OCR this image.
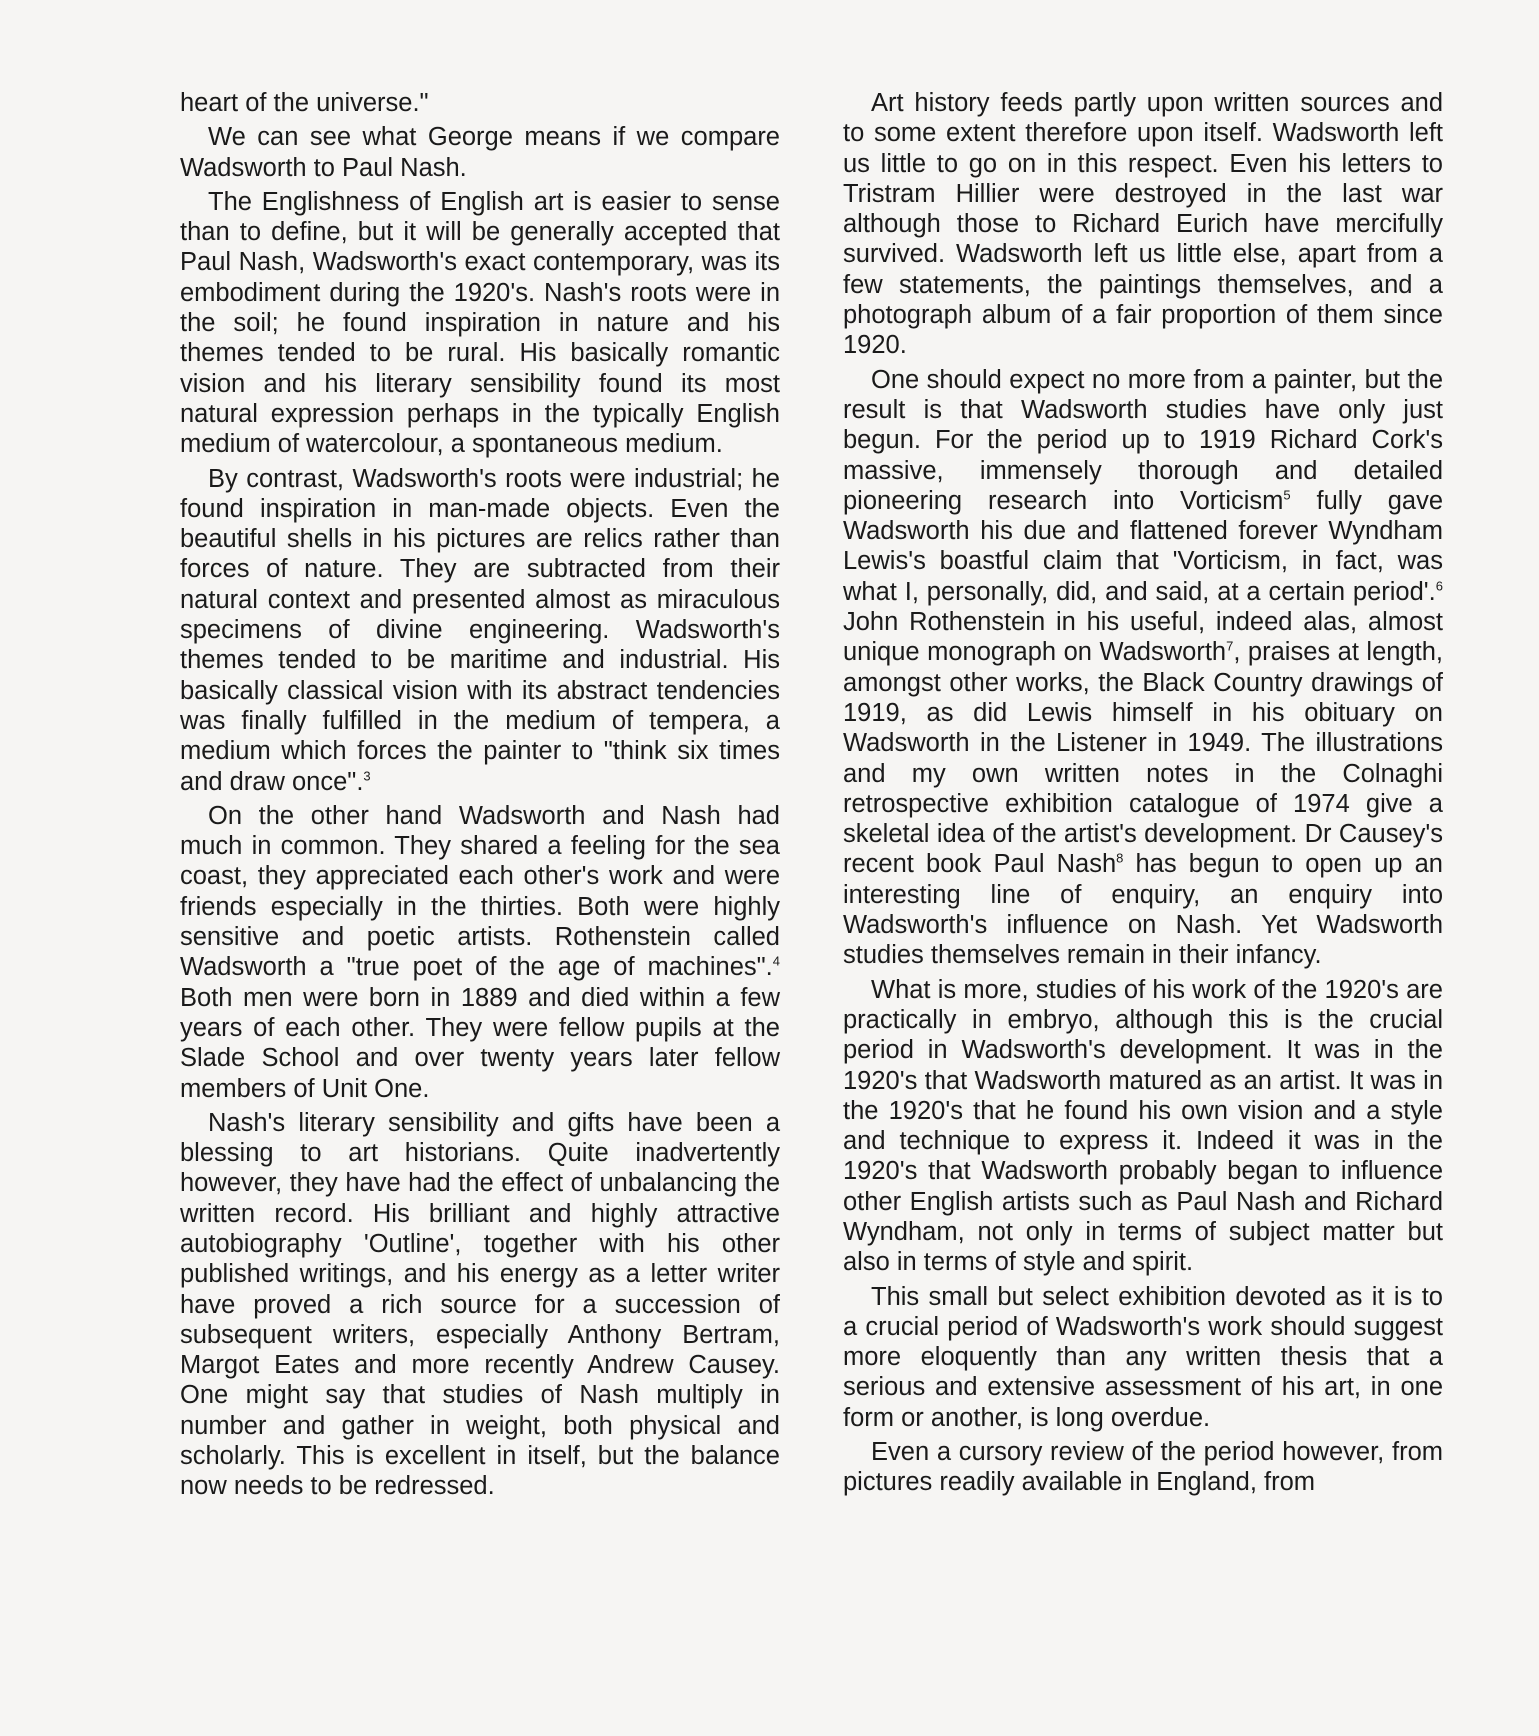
heart of the universe."

We can see what George means if we compare Wadsworth to Paul Nash.

The Englishness of English art is easier to sense than to define, but it will be generally accepted that Paul Nash, Wadsworth's exact contemporary, was its embodiment during the 1920's. Nash's roots were in the soil; he found inspiration in nature and his themes tended to be rural. His basically romantic vision and his literary sensibility found its most natural expression perhaps in the typically English medium of watercolour, a spontaneous medium.

By contrast, Wadsworth's roots were industrial; he found inspiration in man-made objects. Even the beautiful shells in his pictures are relics rather than forces of nature. They are subtracted from their natural context and presented almost as miraculous specimens of divine engineering. Wadsworth's themes tended to be maritime and industrial. His basically classical vision with its abstract tendencies was finally fulfilled in the medium of tempera, a medium which forces the painter to "think six times and draw once".$^3$

On the other hand Wadsworth and Nash had much in common. They shared a feeling for the sea coast, they appreciated each other's work and were friends especially in the thirties. Both were highly sensitive and poetic artists. Rothenstein called Wadsworth a "true poet of the age of machines".$^4$ Both men were born in 1889 and died within a few years of each other. They were fellow pupils at the Slade School and over twenty years later fellow members of Unit One.

Nash's literary sensibility and gifts have been a blessing to art historians. Quite inadvertently however, they have had the effect of unbalancing the written record. His brilliant and highly attractive autobiography 'Outline', together with his other published writings, and his energy as a letter writer have proved a rich source for a succession of subsequent writers, especially Anthony Bertram, Margot Eates and more recently Andrew Causey. One might say that studies of Nash multiply in number and gather in weight, both physical and scholarly. This is excellent in itself, but the balance now needs to be redressed.

Art history feeds partly upon written sources and to some extent therefore upon itself. Wadsworth left us little to go on in this respect. Even his letters to Tristram Hillier were destroyed in the last war although those to Richard Eurich have mercifully survived. Wadsworth left us little else, apart from a few statements, the paintings themselves, and a photograph album of a fair proportion of them since 1920.

One should expect no more from a painter, but the result is that Wadsworth studies have only just begun. For the period up to 1919 Richard Cork's massive, immensely thorough and detailed pioneering research into Vorticism$^5$ fully gave Wadsworth his due and flattened forever Wyndham Lewis's boastful claim that 'Vorticism, in fact, was what I, personally, did, and said, at a certain period'.$^6$ John Rothenstein in his useful, indeed alas, almost unique monograph on Wadsworth$^7$, praises at length, amongst other works, the Black Country drawings of 1919, as did Lewis himself in his obituary on Wadsworth in the Listener in 1949. The illustrations and my own written notes in the Colnaghi retrospective exhibition catalogue of 1974 give a skeletal idea of the artist's development. Dr Causey's recent book Paul Nash$^8$ has begun to open up an interesting line of enquiry, an enquiry into Wadsworth's influence on Nash. Yet Wadsworth studies themselves remain in their infancy.

What is more, studies of his work of the 1920's are practically in embryo, although this is the crucial period in Wadsworth's development. It was in the 1920's that Wadsworth matured as an artist. It was in the 1920's that he found his own vision and a style and technique to express it. Indeed it was in the 1920's that Wadsworth probably began to influence other English artists such as Paul Nash and Richard Wyndham, not only in terms of subject matter but also in terms of style and spirit.

This small but select exhibition devoted as it is to a crucial period of Wadsworth's work should suggest more eloquently than any written thesis that a serious and extensive assessment of his art, in one form or another, is long overdue.

Even a cursory review of the period however, from pictures readily available in England, from
